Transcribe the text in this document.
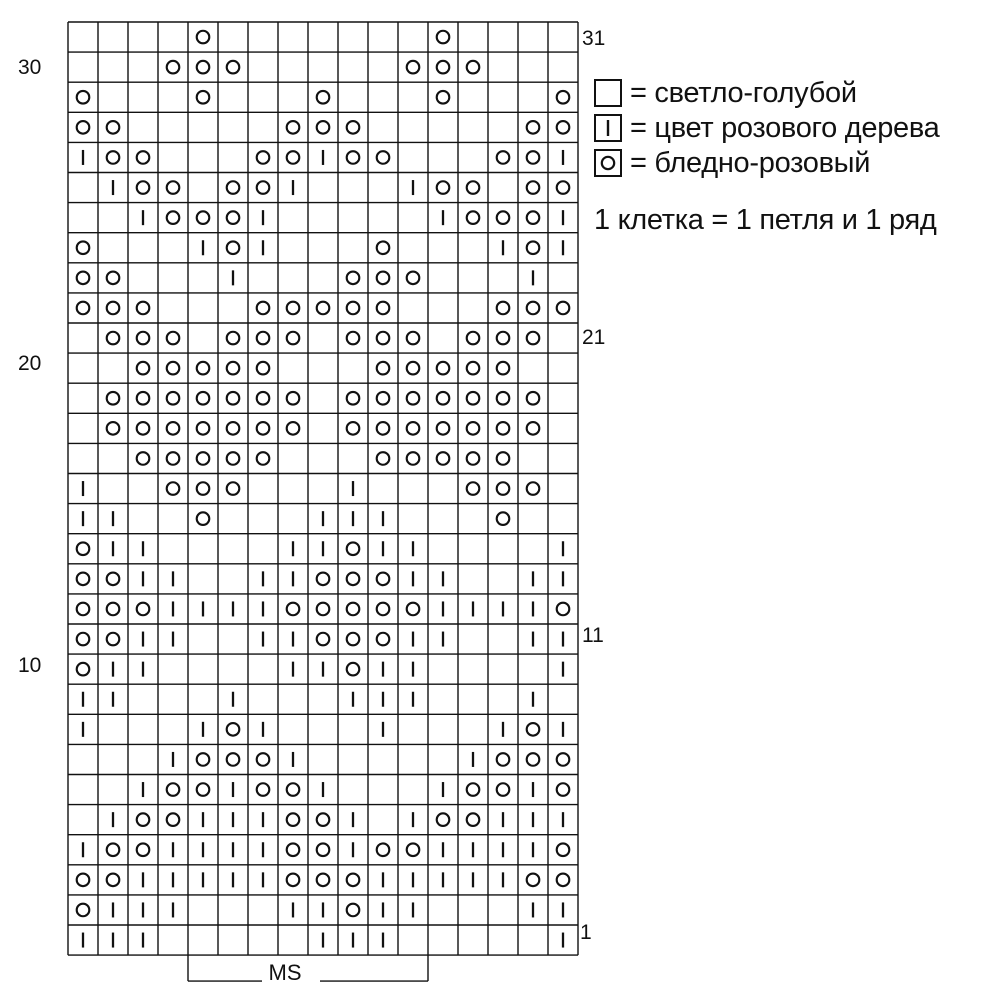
30
20
10
31
21
11
1
MS
= светло-голубой
= цвет розового дерева
= бледно-розовый
1 клетка = 1 петля и 1 ряд
